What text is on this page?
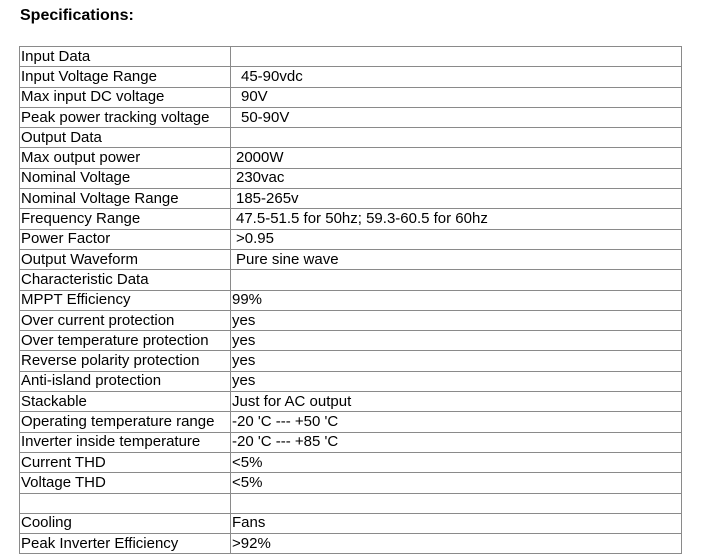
Specifications:
Input Data	
Input Voltage Range	45-90vdc
Max input DC voltage	90V
Peak power tracking voltage	50-90V
Output Data	
Max output power	2000W
Nominal Voltage	230vac
Nominal Voltage Range	185-265v
Frequency Range	47.5-51.5 for 50hz; 59.3-60.5 for 60hz
Power Factor	>0.95
Output Waveform	Pure sine wave
Characteristic Data	
MPPT Efficiency	99%
Over current protection	yes
Over temperature protection	yes
Reverse polarity protection	yes
Anti-island protection	yes
Stackable	Just for AC output
Operating temperature range	-20 'C --- +50 'C
Inverter inside temperature	-20 'C --- +85 'C
Current THD	<5%
Voltage THD	<5%

Cooling	Fans
Peak Inverter Efficiency	>92%
